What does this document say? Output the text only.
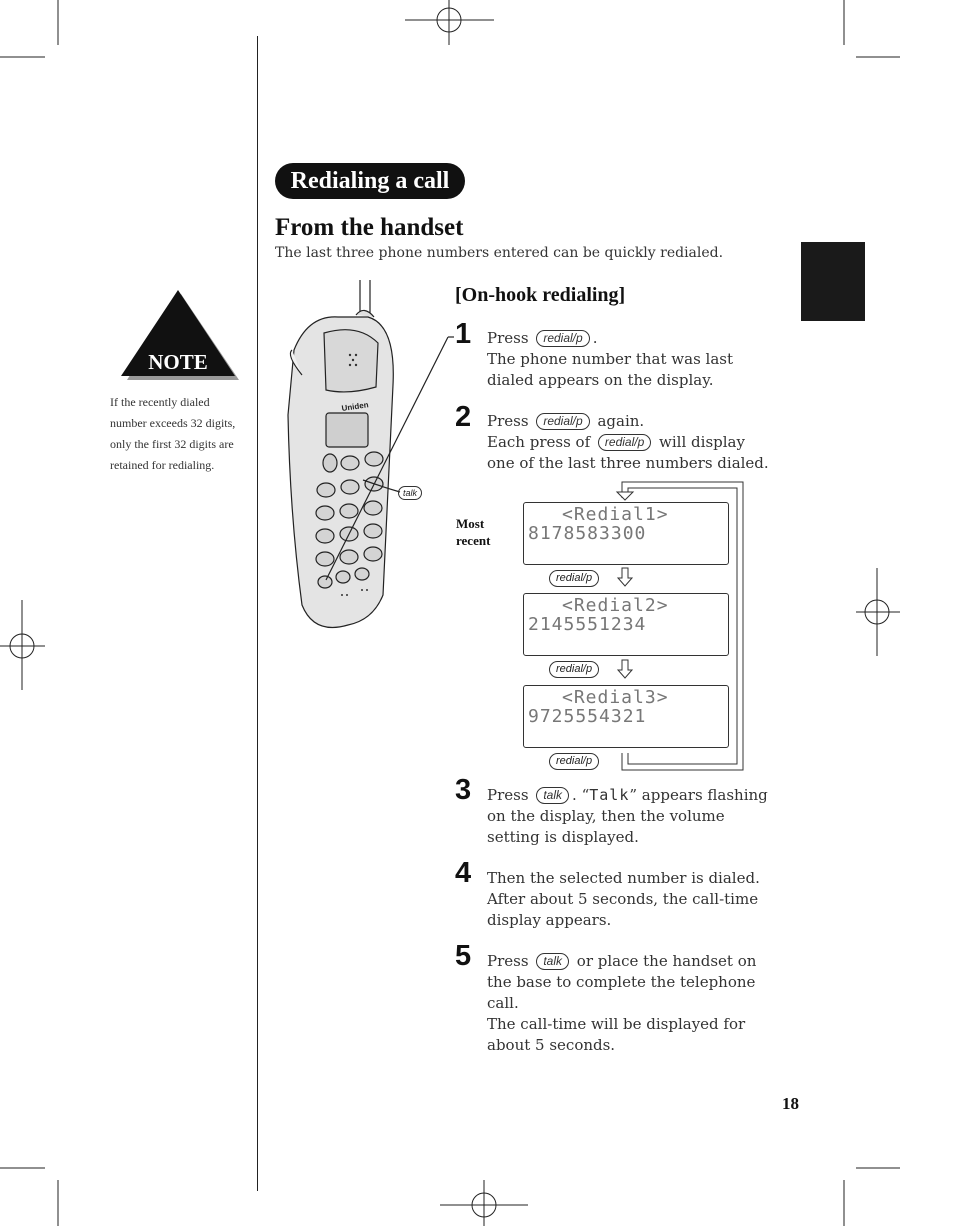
Redialing a call
From the handset
The last three phone numbers entered can be quickly redialed.
NOTE
If the recently dialed number exceeds 32 digits, only the first 32 digits are retained for redialing.
Uniden
talk
[On-hook redialing]
1 Press redial/p .
The phone number that was last dialed appears on the display.
2 Press redial/p again.
Each press of redial/p will display one of the last three numbers dialed.
Most recent
<Redial1>
8178583300
redial/p
<Redial2>
2145551234
redial/p
<Redial3>
9725554321
redial/p
3 Press talk . “Talk” appears flashing on the display, then the volume setting is displayed.
4 Then the selected number is dialed. After about 5 seconds, the call-time display appears.
5 Press talk or place the handset on the base to complete the telephone call.
The call-time will be displayed for about 5 seconds.
18
